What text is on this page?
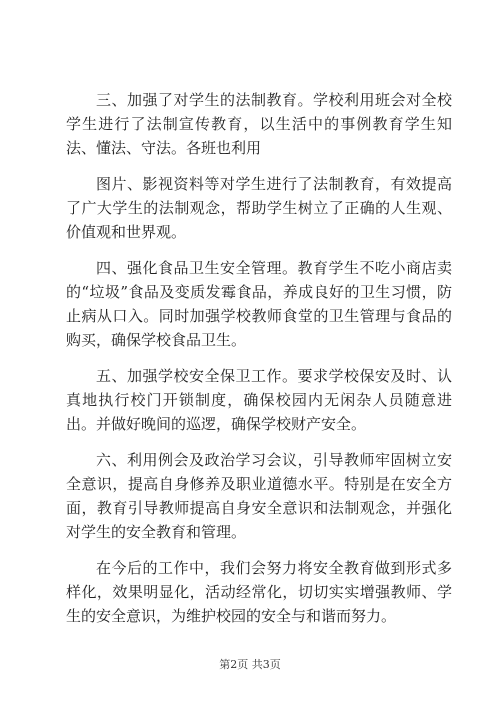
三、加强了对学生的法制教育。学校利用班会对全校学生进行了法制宣传教育，以生活中的事例教育学生知法、懂法、守法。各班也利用

图片、影视资料等对学生进行了法制教育，有效提高了广大学生的法制观念，帮助学生树立了正确的人生观、价值观和世界观。

四、强化食品卫生安全管理。教育学生不吃小商店卖的“垃圾”食品及变质发霉食品，养成良好的卫生习惯，防止病从口入。同时加强学校教师食堂的卫生管理与食品的购买，确保学校食品卫生。

五、加强学校安全保卫工作。要求学校保安及时、认真地执行校门开锁制度，确保校园内无闲杂人员随意进出。并做好晚间的巡逻，确保学校财产安全。

六、利用例会及政治学习会议，引导教师牢固树立安全意识，提高自身修养及职业道德水平。特别是在安全方面，教育引导教师提高自身安全意识和法制观念，并强化对学生的安全教育和管理。

在今后的工作中，我们会努力将安全教育做到形式多样化，效果明显化，活动经常化，切切实实增强教师、学生的安全意识，为维护校园的安全与和谐而努力。

第2页 共3页
